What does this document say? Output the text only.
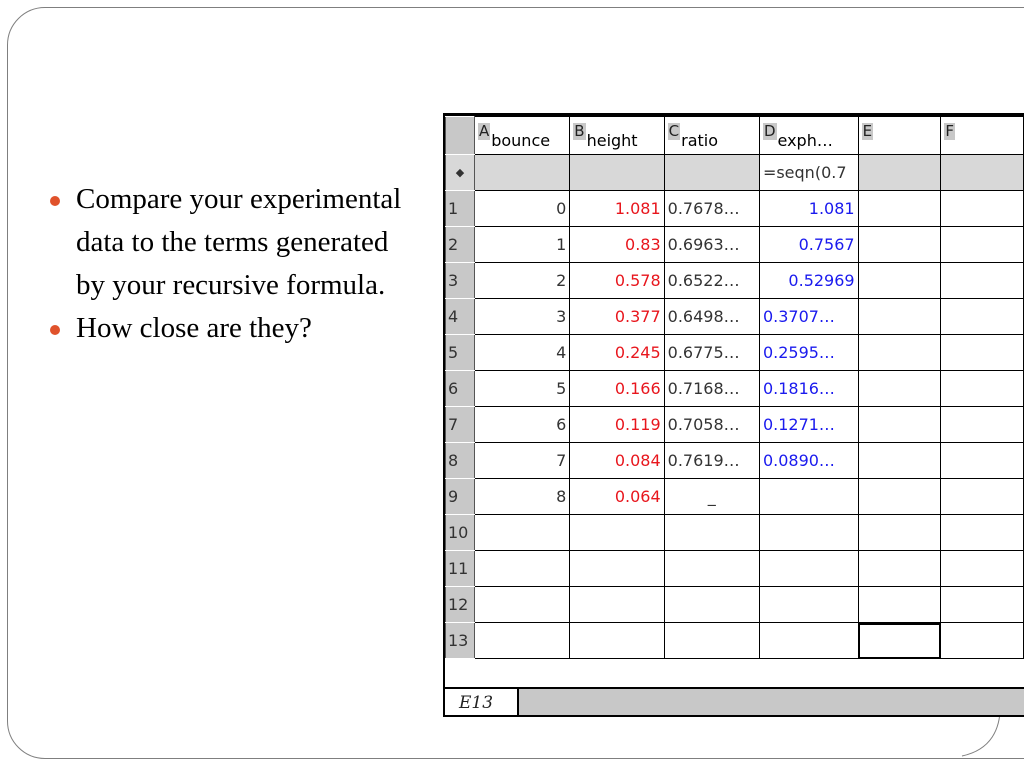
Compare your experimental data to the terms generated by your recursive formula.
How close are they?
	A bounce	B height	C ratio	D exph…	E	F
◆				=seqn(0.7		
1	0	1.081	0.7678…	1.081		
2	1	0.83	0.6963…	0.7567		
3	2	0.578	0.6522…	0.52969		
4	3	0.377	0.6498…	0.3707…		
5	4	0.245	0.6775…	0.2595…		
6	5	0.166	0.7168…	0.1816…		
7	6	0.119	0.7058…	0.1271…		
8	7	0.084	0.7619…	0.0890…		
9	8	0.064	_			
10						
11						
12						
13						
E13
